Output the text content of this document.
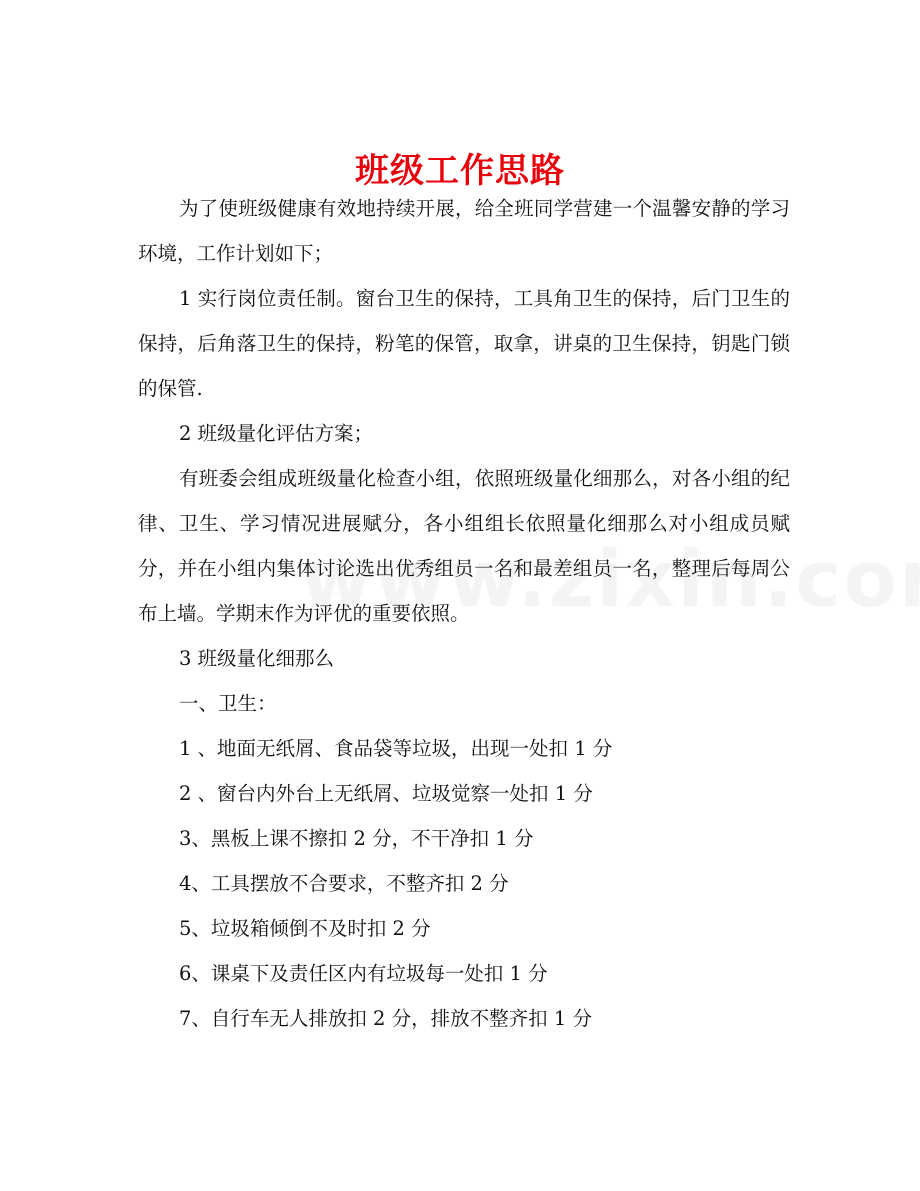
班级工作思路

为了使班级健康有效地持续开展，给全班同学营建一个温馨安静的学习环境，工作计划如下；

1 实行岗位责任制。窗台卫生的保持，工具角卫生的保持，后门卫生的保持，后角落卫生的保持，粉笔的保管，取拿，讲桌的卫生保持，钥匙门锁的保管.

2 班级量化评估方案；

有班委会组成班级量化检查小组，依照班级量化细那么，对各小组的纪律、卫生、学习情况进展赋分，各小组组长依照量化细那么对小组成员赋分，并在小组内集体讨论选出优秀组员一名和最差组员一名，整理后每周公布上墙。学期末作为评优的重要依照。

3 班级量化细那么

一、卫生：

1 、地面无纸屑、食品袋等垃圾，出现一处扣 1 分

2 、窗台内外台上无纸屑、垃圾觉察一处扣 1 分

3、黑板上课不擦扣 2 分，不干净扣 1 分

4、工具摆放不合要求，不整齐扣 2 分

5、垃圾箱倾倒不及时扣 2 分

6、课桌下及责任区内有垃圾每一处扣 1 分

7、自行车无人排放扣 2 分，排放不整齐扣 1 分
